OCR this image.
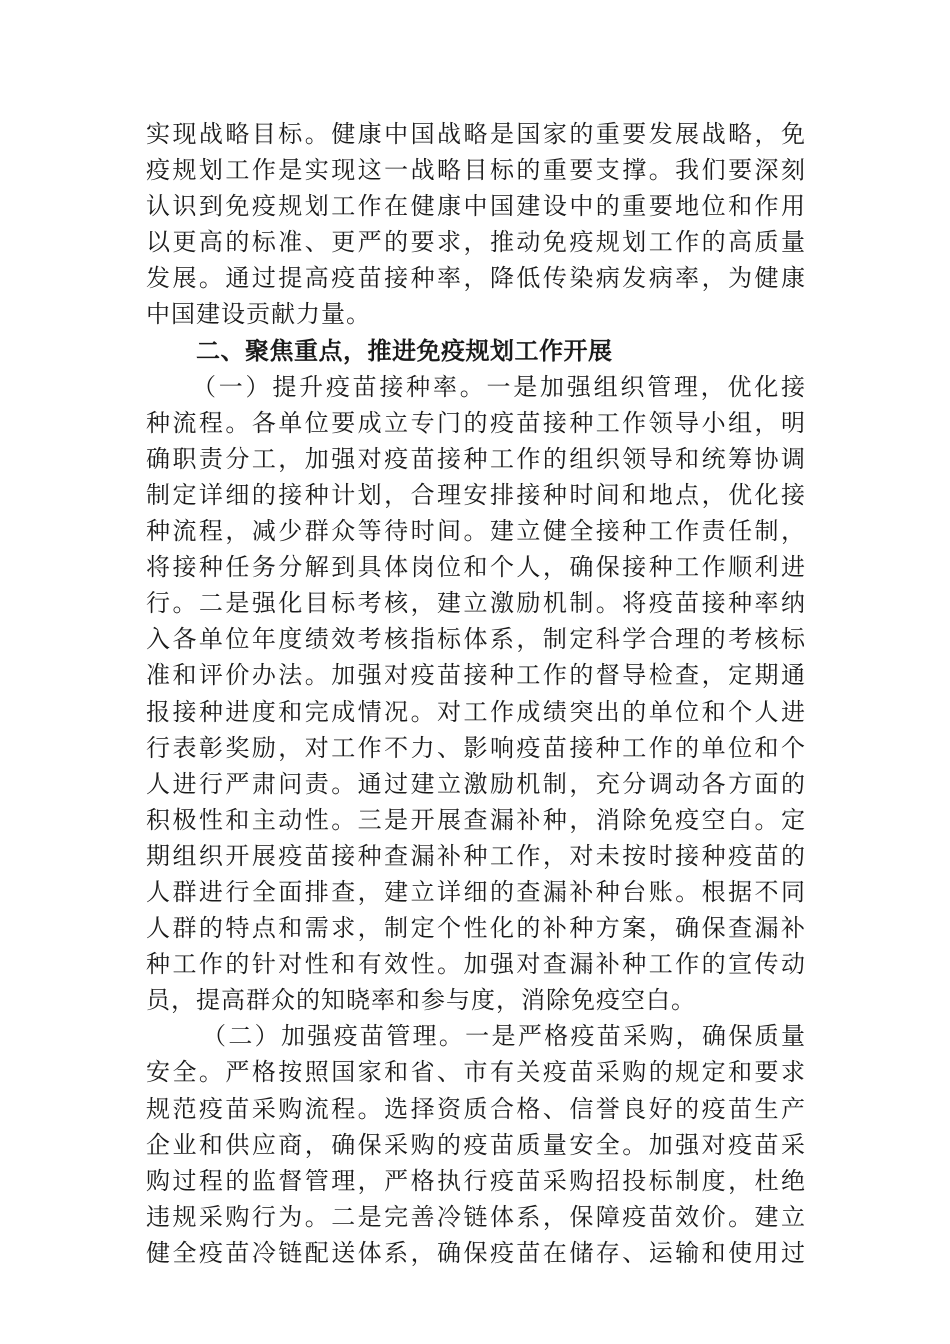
实现战略目标。健康中国战略是国家的重要发展战略，免
疫规划工作是实现这一战略目标的重要支撑。我们要深刻
认识到免疫规划工作在健康中国建设中的重要地位和作用
以更高的标准、更严的要求，推动免疫规划工作的高质量
发展。通过提高疫苗接种率，降低传染病发病率，为健康
中国建设贡献力量。
二、聚焦重点，推进免疫规划工作开展
（一）提升疫苗接种率。一是加强组织管理，优化接
种流程。各单位要成立专门的疫苗接种工作领导小组，明
确职责分工，加强对疫苗接种工作的组织领导和统筹协调
制定详细的接种计划，合理安排接种时间和地点，优化接
种流程，减少群众等待时间。建立健全接种工作责任制，
将接种任务分解到具体岗位和个人，确保接种工作顺利进
行。二是强化目标考核，建立激励机制。将疫苗接种率纳
入各单位年度绩效考核指标体系，制定科学合理的考核标
准和评价办法。加强对疫苗接种工作的督导检查，定期通
报接种进度和完成情况。对工作成绩突出的单位和个人进
行表彰奖励，对工作不力、影响疫苗接种工作的单位和个
人进行严肃问责。通过建立激励机制，充分调动各方面的
积极性和主动性。三是开展查漏补种，消除免疫空白。定
期组织开展疫苗接种查漏补种工作，对未按时接种疫苗的
人群进行全面排查，建立详细的查漏补种台账。根据不同
人群的特点和需求，制定个性化的补种方案，确保查漏补
种工作的针对性和有效性。加强对查漏补种工作的宣传动
员，提高群众的知晓率和参与度，消除免疫空白。
（二）加强疫苗管理。一是严格疫苗采购，确保质量
安全。严格按照国家和省、市有关疫苗采购的规定和要求
规范疫苗采购流程。选择资质合格、信誉良好的疫苗生产
企业和供应商，确保采购的疫苗质量安全。加强对疫苗采
购过程的监督管理，严格执行疫苗采购招投标制度，杜绝
违规采购行为。二是完善冷链体系，保障疫苗效价。建立
健全疫苗冷链配送体系，确保疫苗在储存、运输和使用过
